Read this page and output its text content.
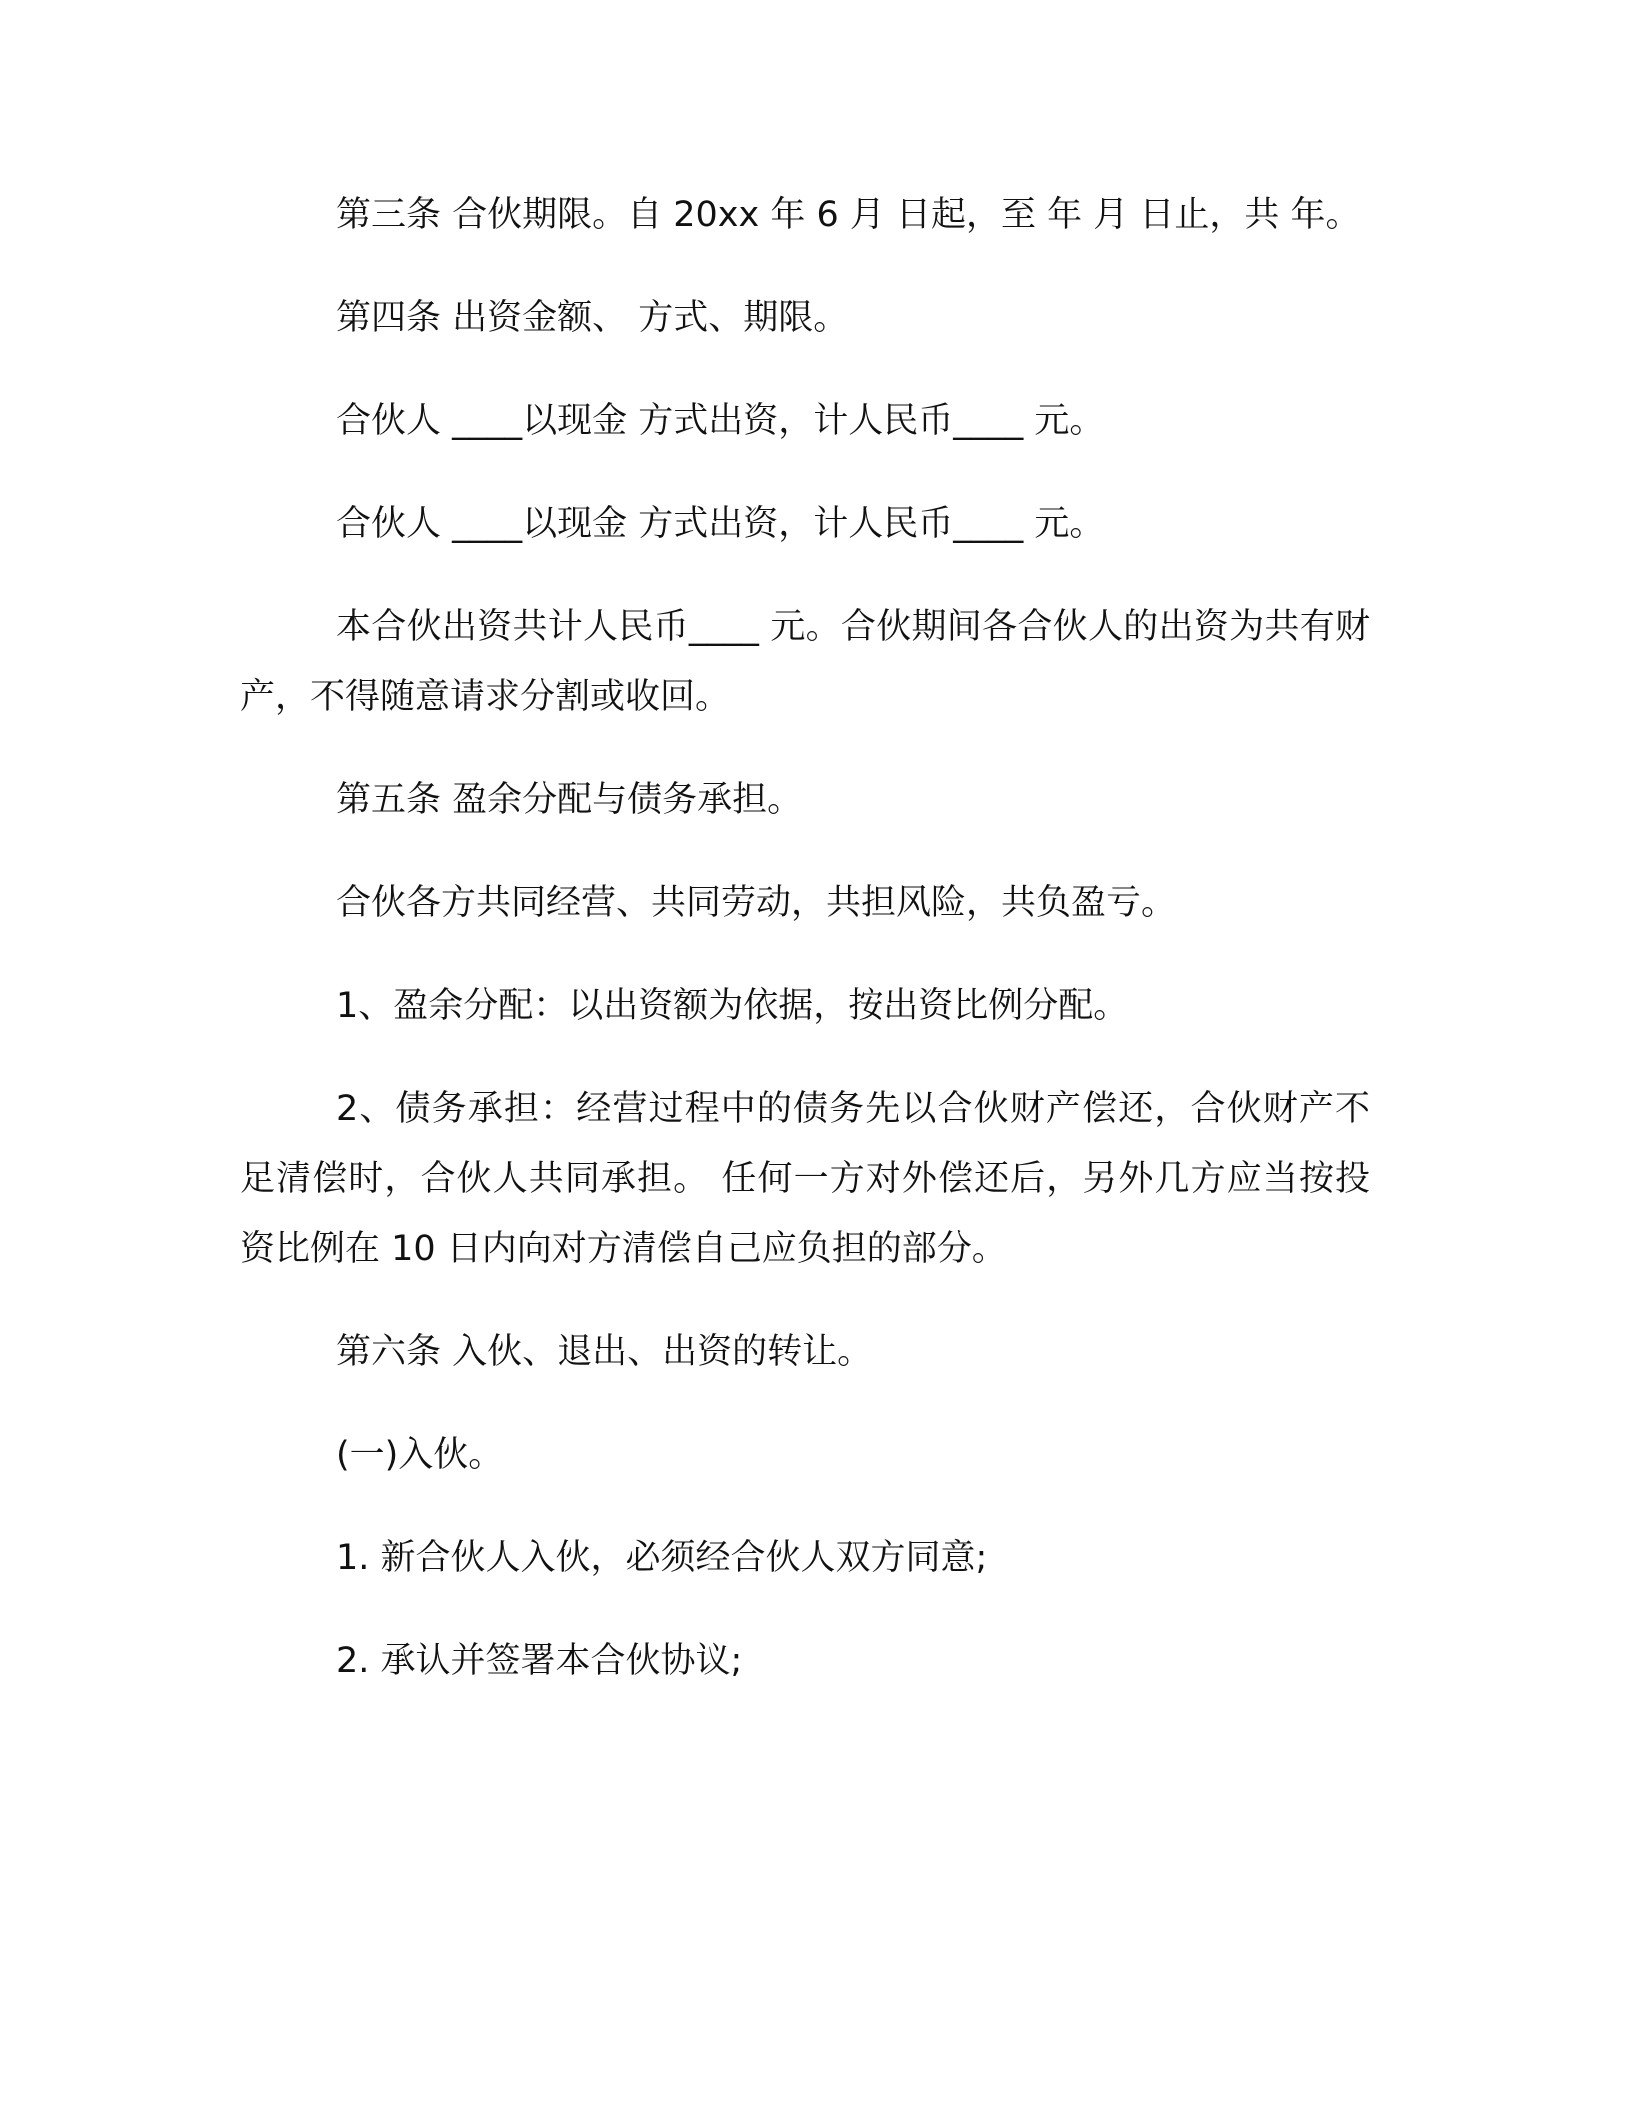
第三条 合伙期限。自 20xx 年 6 月 日起，至 年 月 日止，共 年。

第四条 出资金额、 方式、期限。

合伙人 ____以现金 方式出资，计人民币____ 元。

合伙人 ____以现金 方式出资，计人民币____ 元。

本合伙出资共计人民币____ 元。合伙期间各合伙人的出资为共有财产，不得随意请求分割或收回。

第五条 盈余分配与债务承担。

合伙各方共同经营、共同劳动，共担风险，共负盈亏。

1、盈余分配：以出资额为依据，按出资比例分配。

2、债务承担：经营过程中的债务先以合伙财产偿还，合伙财产不足清偿时，合伙人共同承担。 任何一方对外偿还后，另外几方应当按投资比例在 10 日内向对方清偿自己应负担的部分。

第六条 入伙、退出、出资的转让。

(一)入伙。

1. 新合伙人入伙，必须经合伙人双方同意;

2. 承认并签署本合伙协议;
